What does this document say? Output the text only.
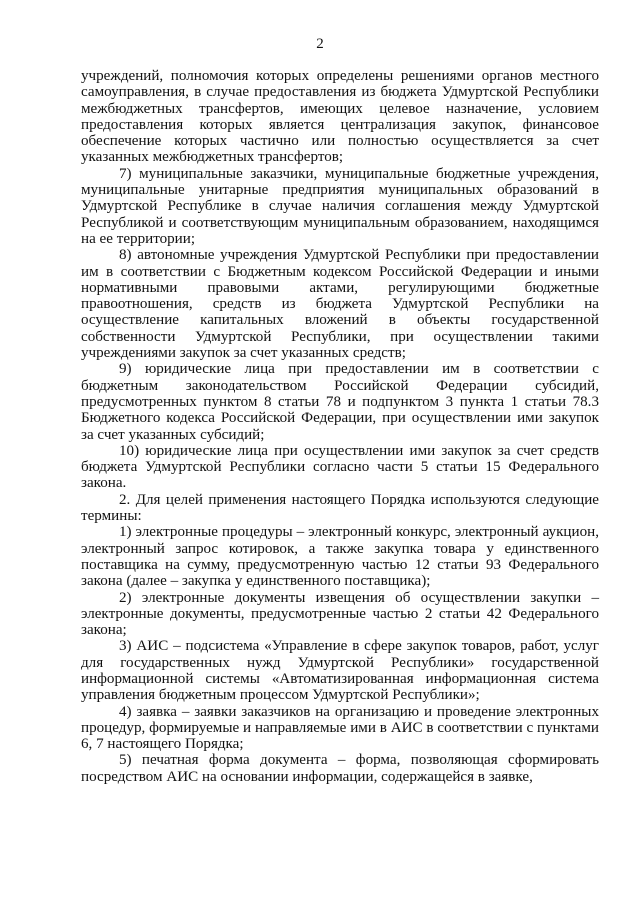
2

учреждений, полномочия которых определены решениями органов местного самоуправления, в случае предоставления из бюджета Удмуртской Республики межбюджетных трансфертов, имеющих целевое назначение, условием предоставления которых является централизация закупок, финансовое обеспечение которых частично или полностью осуществляется за счет указанных межбюджетных трансфертов;

7) муниципальные заказчики, муниципальные бюджетные учреждения, муниципальные унитарные предприятия муниципальных образований в Удмуртской Республике в случае наличия соглашения между Удмуртской Республикой и соответствующим муниципальным образованием, находящимся на ее территории;

8) автономные учреждения Удмуртской Республики при предоставлении им в соответствии с Бюджетным кодексом Российской Федерации и иными нормативными правовыми актами, регулирующими бюджетные правоотношения, средств из бюджета Удмуртской Республики на осуществление капитальных вложений в объекты государственной собственности Удмуртской Республики, при осуществлении такими учреждениями закупок за счет указанных средств;

9) юридические лица при предоставлении им в соответствии с бюджетным законодательством Российской Федерации субсидий, предусмотренных пунктом 8 статьи 78 и подпунктом 3 пункта 1 статьи 78.3 Бюджетного кодекса Российской Федерации, при осуществлении ими закупок за счет указанных субсидий;

10) юридические лица при осуществлении ими закупок за счет средств бюджета Удмуртской Республики согласно части 5 статьи 15 Федерального закона.

2. Для целей применения настоящего Порядка используются следующие термины:

1) электронные процедуры – электронный конкурс, электронный аукцион, электронный запрос котировок, а также закупка товара у единственного поставщика на сумму, предусмотренную частью 12 статьи 93 Федерального закона (далее – закупка у единственного поставщика);

2) электронные документы извещения об осуществлении закупки – электронные документы, предусмотренные частью 2 статьи 42 Федерального закона;

3) АИС – подсистема «Управление в сфере закупок товаров, работ, услуг для государственных нужд Удмуртской Республики» государственной информационной системы «Автоматизированная информационная система управления бюджетным процессом Удмуртской Республики»;

4) заявка – заявки заказчиков на организацию и проведение электронных процедур, формируемые и направляемые ими в АИС в соответствии с пунктами 6, 7 настоящего Порядка;

5) печатная форма документа – форма, позволяющая сформировать посредством АИС на основании информации, содержащейся в заявке,
